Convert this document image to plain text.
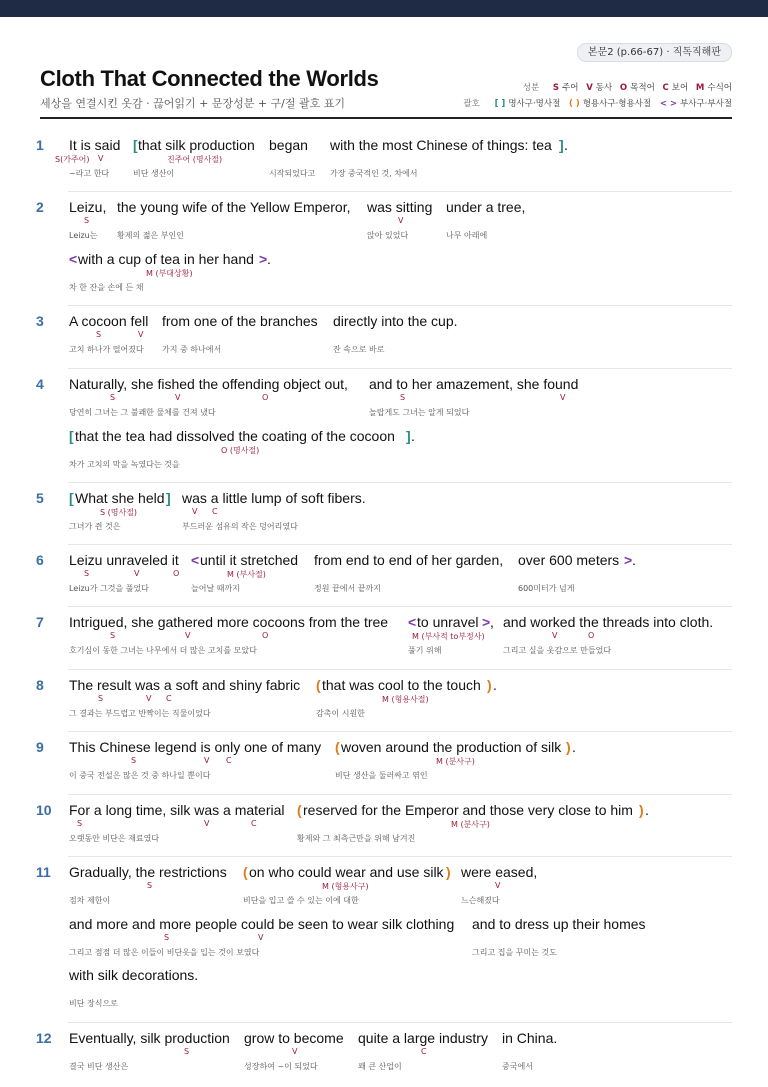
본문2 (p.66-67) · 직독직해판
Cloth That Connected the Worlds
세상을 연결시킨 옷감 · 끊어읽기 + 문장성분 + 구/절 괄호 표기
성분 S 주어 V 동사 O 목적어 C 보어 M 수식어
괄호 [ ] 명사구·명사절 ( ) 형용사구·형용사절 < > 부사구·부사절
1 It is said [ that silk production began with the most Chinese of things: tea ] .
S(가주어) V	진주어 (명사절)
~라고 한다	비단 생산이	시작되었다고 가장 중국적인 것, 차에서
2 Leizu, the young wife of the Yellow Emperor, was sitting under a tree,
S	V
Leizu는 황제의 젊은 부인인	앉아 있었다	나무 아래에
< with a cup of tea in her hand > .
M (부대상황)
차 한 잔을 손에 든 채
3 A cocoon fell from one of the branches directly into the cup.
S	V
고치 하나가 떨어졌다 가지 중 하나에서	잔 속으로 바로
4 Naturally, she fished the offending object out, and to her amazement, she found
S	V	O	S	V
당연히 그녀는 그 불쾌한 물체를 건져 냈다	놀랍게도 그녀는 알게 되었다
[ that the tea had dissolved the coating of the cocoon ] .
O (명사절)
차가 고치의 막을 녹였다는 것을
5 [ What she held ] was a little lump of soft fibers.
S (명사절)	V C
그녀가 쥔 것은	부드러운 섬유의 작은 덩어리였다
6 Leizu unraveled it < until it stretched from end to end of her garden, over 600 meters > .
S	V	O	M (부사절)
Leizu가 그것을 풀었다	늘어날 때까지	정원 끝에서 끝까지	600미터가 넘게
7 Intrigued, she gathered more cocoons from the tree < to unravel > , and worked the threads into cloth.
S	V	O	M (부사적 to부정사)	V	O
호기심이 동한 그녀는 나무에서 더 많은 고치를 모았다	풀기 위해	그리고 실을 옷감으로 만들었다
8 The result was a soft and shiny fabric ( that was cool to the touch ) .
S	V C	M (형용사절)
그 결과는 부드럽고 반짝이는 직물이었다	감촉이 시원한
9 This Chinese legend is only one of many ( woven around the production of silk ) .
S	V C	M (분사구)
이 중국 전설은 많은 것 중 하나일 뿐이다	비단 생산을 둘러싸고 엮인
10 For a long time, silk was a material ( reserved for the Emperor and those very close to him ) .
S	V	C	M (분사구)
오랫동안 비단은 재료였다	황제와 그 최측근만을 위해 남겨진
11 Gradually, the restrictions ( on who could wear and use silk ) were eased,
S	M (형용사구)	V
점차 제한이	비단을 입고 쓸 수 있는 이에 대한	느슨해졌다
and more and more people could be seen to wear silk clothing and to dress up their homes
S	V
그리고 점점 더 많은 이들이 비단옷을 입는 것이 보였다	그리고 집을 꾸미는 것도
with silk decorations.
비단 장식으로
12 Eventually, silk production grow to become quite a large industry in China.
S	V	C
결국 비단 생산은	성장하여 ~이 되었다	꽤 큰 산업이	중국에서
